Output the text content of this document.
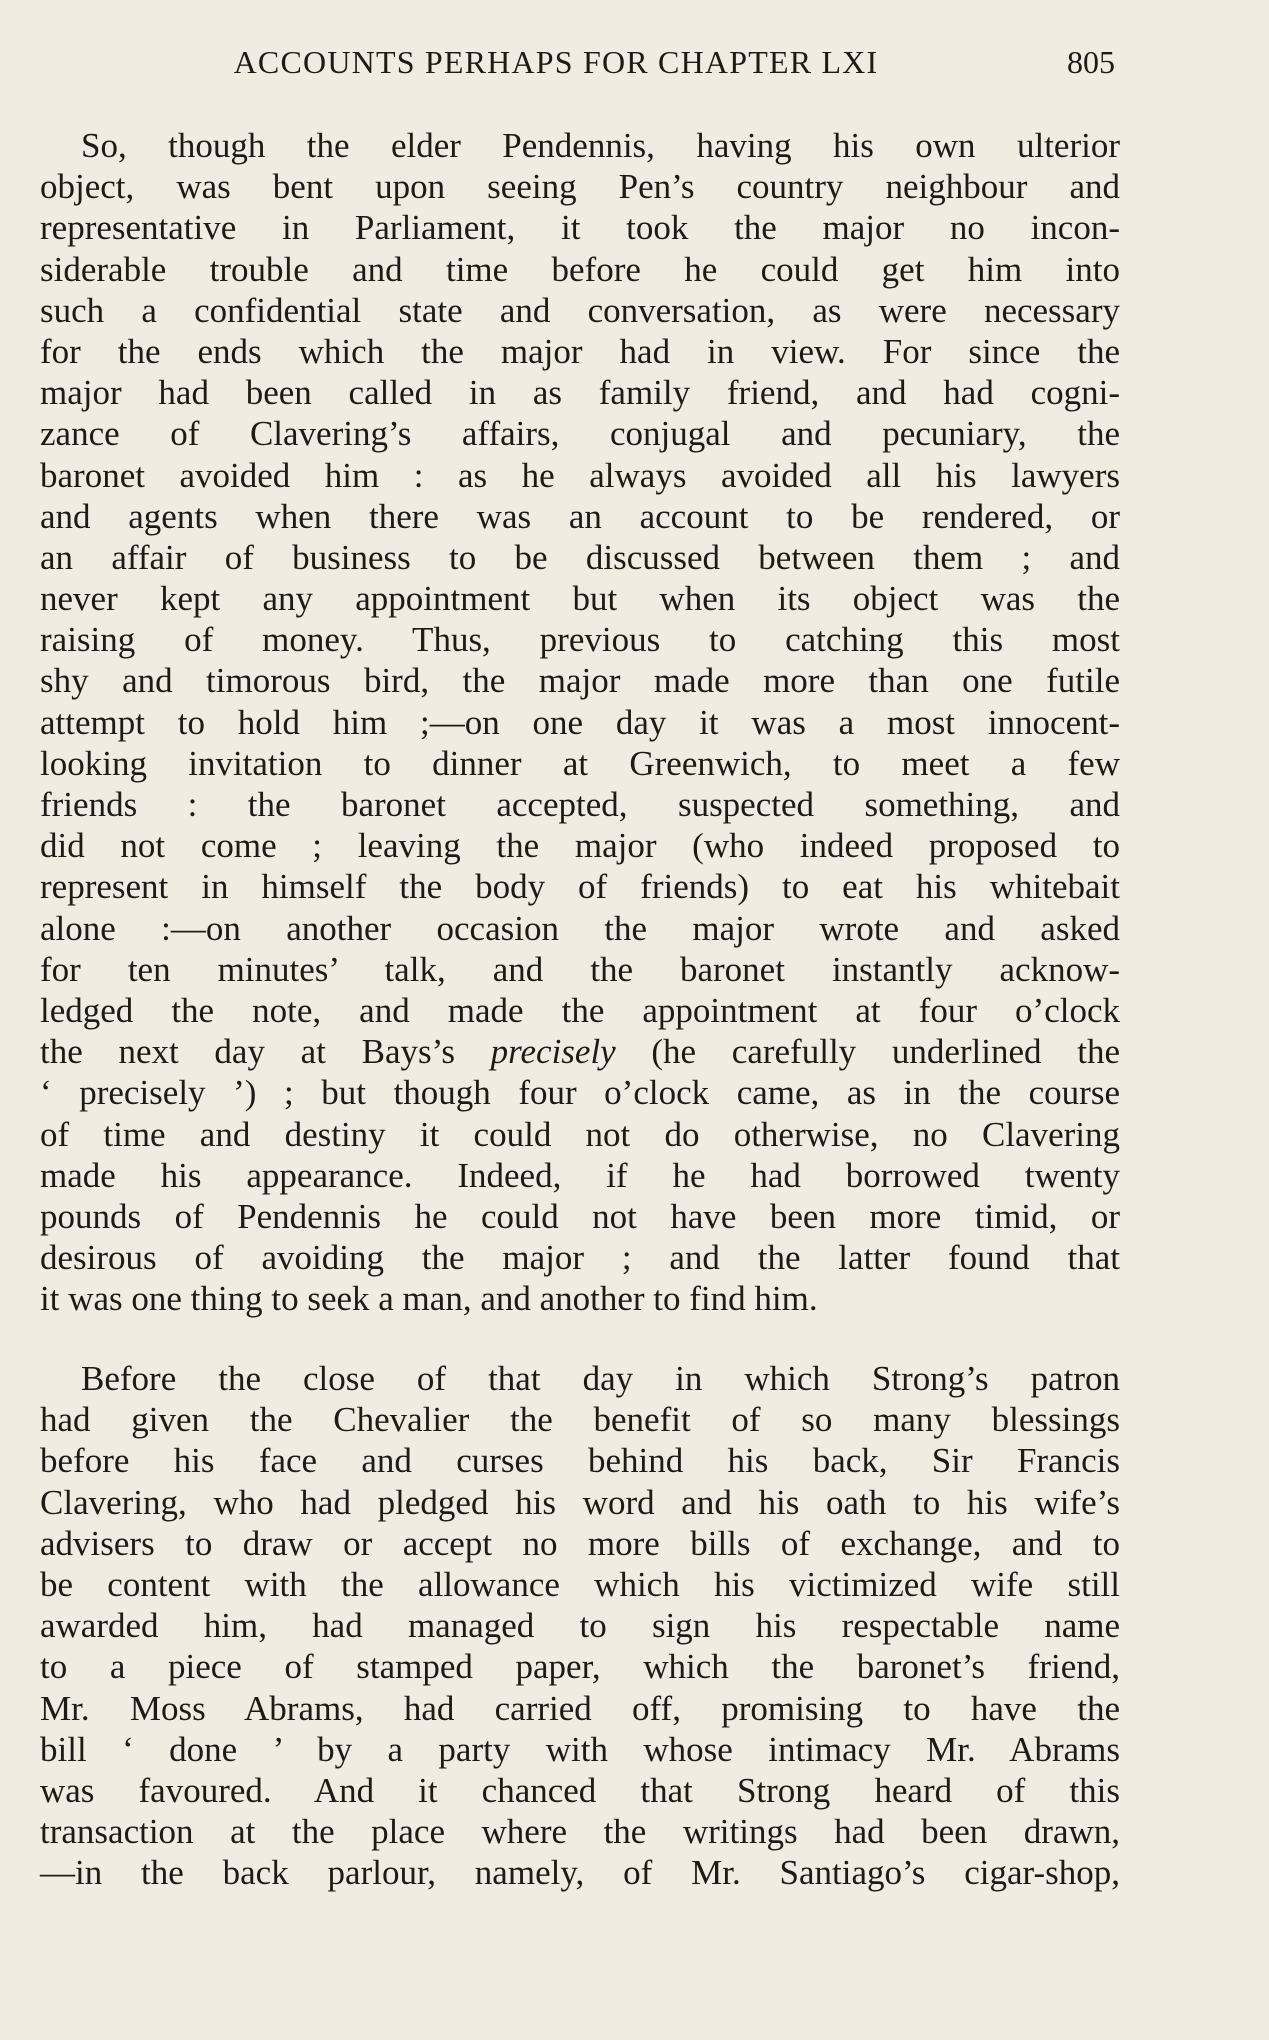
ACCOUNTS PERHAPS FOR CHAPTER LXI	805
So, though the elder Pendennis, having his own ulterior
object, was bent upon seeing Pen’s country neighbour and
representative in Parliament, it took the major no incon-
siderable trouble and time before he could get him into
such a confidential state and conversation, as were necessary
for the ends which the major had in view. For since the
major had been called in as family friend, and had cogni-
zance of Clavering’s affairs, conjugal and pecuniary, the
baronet avoided him : as he always avoided all his lawyers
and agents when there was an account to be rendered, or
an affair of business to be discussed between them ; and
never kept any appointment but when its object was the
raising of money. Thus, previous to catching this most
shy and timorous bird, the major made more than one futile
attempt to hold him ;—on one day it was a most innocent-
looking invitation to dinner at Greenwich, to meet a few
friends : the baronet accepted, suspected something, and
did not come ; leaving the major (who indeed proposed to
represent in himself the body of friends) to eat his whitebait
alone :—on another occasion the major wrote and asked
for ten minutes’ talk, and the baronet instantly acknow-
ledged the note, and made the appointment at four o’clock
the next day at Bays’s precisely (he carefully underlined the
‘ precisely ’) ; but though four o’clock came, as in the course
of time and destiny it could not do otherwise, no Clavering
made his appearance. Indeed, if he had borrowed twenty
pounds of Pendennis he could not have been more timid, or
desirous of avoiding the major ; and the latter found that
it was one thing to seek a man, and another to find him.
Before the close of that day in which Strong’s patron
had given the Chevalier the benefit of so many blessings
before his face and curses behind his back, Sir Francis
Clavering, who had pledged his word and his oath to his wife’s
advisers to draw or accept no more bills of exchange, and to
be content with the allowance which his victimized wife still
awarded him, had managed to sign his respectable name
to a piece of stamped paper, which the baronet’s friend,
Mr. Moss Abrams, had carried off, promising to have the
bill ‘ done ’ by a party with whose intimacy Mr. Abrams
was favoured. And it chanced that Strong heard of this
transaction at the place where the writings had been drawn,
—in the back parlour, namely, of Mr. Santiago’s cigar-shop,
